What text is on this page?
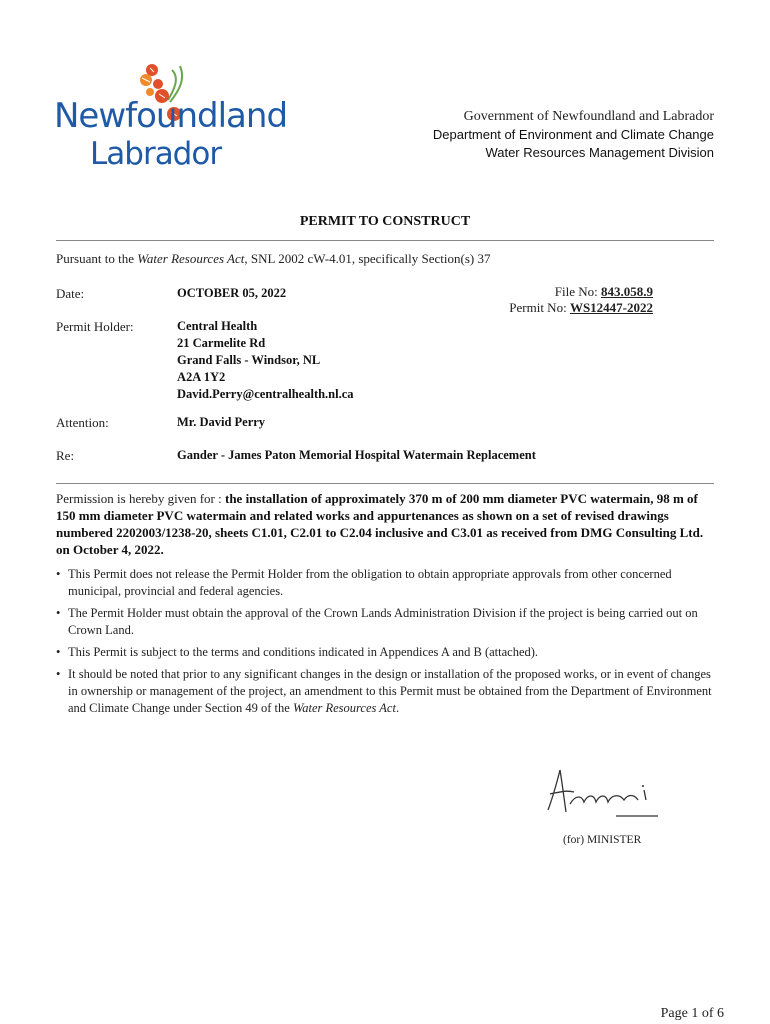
Newfoundland
Labrador
Government of Newfoundland and Labrador
Department of Environment and Climate Change
Water Resources Management Division
PERMIT TO CONSTRUCT
Pursuant to the Water Resources Act, SNL 2002 cW-4.01, specifically Section(s) 37
Date:	OCTOBER 05, 2022	File No: 843.058.9
Permit No: WS12447-2022
Permit Holder:	Central Health
21 Carmelite Rd
Grand Falls - Windsor, NL
A2A 1Y2
David.Perry@centralhealth.nl.ca
Attention:	Mr. David Perry
Re:	Gander - James Paton Memorial Hospital Watermain Replacement
Permission is hereby given for : the installation of approximately 370 m of 200 mm diameter PVC watermain, 98 m of 150 mm diameter PVC watermain and related works and appurtenances as shown on a set of revised drawings numbered 2202003/1238-20, sheets C1.01, C2.01 to C2.04 inclusive and C3.01 as received from DMG Consulting Ltd. on October 4, 2022.
• This Permit does not release the Permit Holder from the obligation to obtain appropriate approvals from other concerned municipal, provincial and federal agencies.
• The Permit Holder must obtain the approval of the Crown Lands Administration Division if the project is being carried out on Crown Land.
• This Permit is subject to the terms and conditions indicated in Appendices A and B (attached).
• It should be noted that prior to any significant changes in the design or installation of the proposed works, or in event of changes in ownership or management of the project, an amendment to this Permit must be obtained from the Department of Environment and Climate Change under Section 49 of the Water Resources Act.
(for) MINISTER
Page 1 of 6
